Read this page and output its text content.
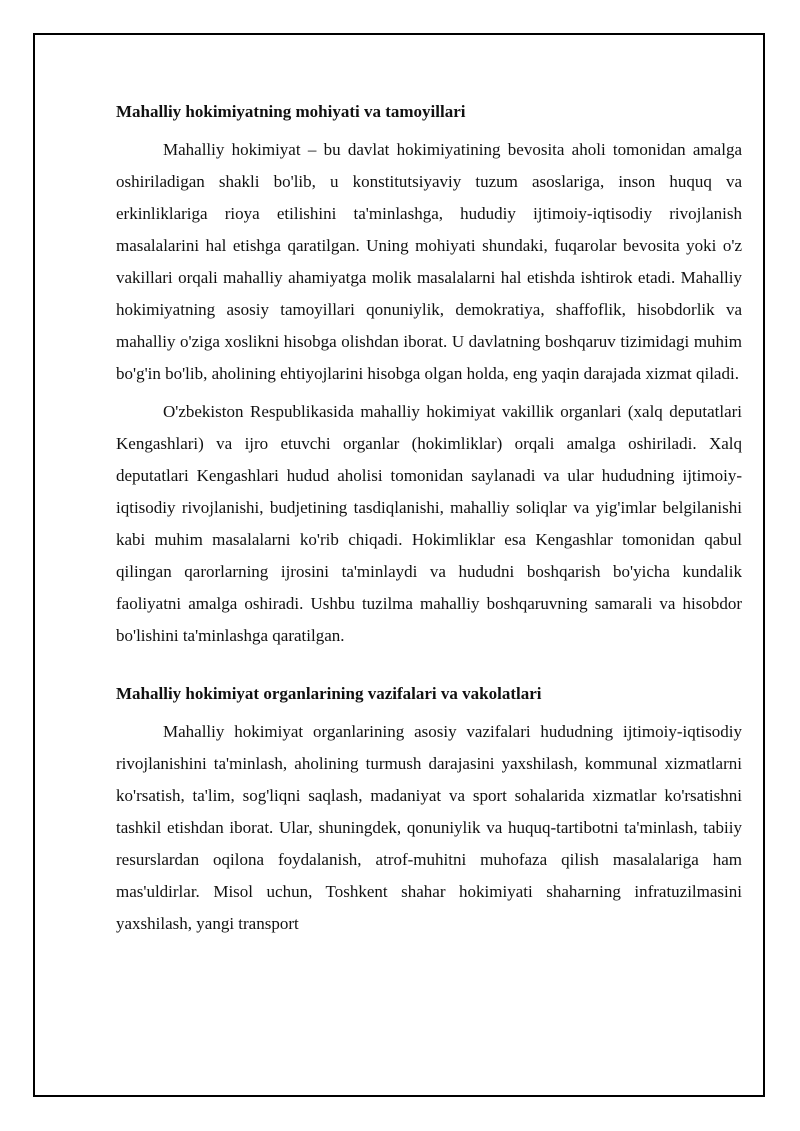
Mahalliy hokimiyatning mohiyati va tamoyillari

Mahalliy hokimiyat – bu davlat hokimiyatining bevosita aholi tomonidan amalga oshiriladigan shakli bo'lib, u konstitutsiyaviy tuzum asoslariga, inson huquq va erkinliklariga rioya etilishini ta'minlashga, hududiy ijtimoiy-iqtisodiy rivojlanish masalalarini hal etishga qaratilgan. Uning mohiyati shundaki, fuqarolar bevosita yoki o'z vakillari orqali mahalliy ahamiyatga molik masalalarni hal etishda ishtirok etadi. Mahalliy hokimiyatning asosiy tamoyillari qonuniylik, demokratiya, shaffoflik, hisobdorlik va mahalliy o'ziga xoslikni hisobga olishdan iborat. U davlatning boshqaruv tizimidagi muhim bo'g'in bo'lib, aholining ehtiyojlarini hisobga olgan holda, eng yaqin darajada xizmat qiladi.

O'zbekiston Respublikasida mahalliy hokimiyat vakillik organlari (xalq deputatlari Kengashlari) va ijro etuvchi organlar (hokimliklar) orqali amalga oshiriladi. Xalq deputatlari Kengashlari hudud aholisi tomonidan saylanadi va ular hududning ijtimoiy-iqtisodiy rivojlanishi, budjetining tasdiqlanishi, mahalliy soliqlar va yig'imlar belgilanishi kabi muhim masalalarni ko'rib chiqadi. Hokimliklar esa Kengashlar tomonidan qabul qilingan qarorlarning ijrosini ta'minlaydi va hududni boshqarish bo'yicha kundalik faoliyatni amalga oshiradi. Ushbu tuzilma mahalliy boshqaruvning samarali va hisobdor bo'lishini ta'minlashga qaratilgan.

Mahalliy hokimiyat organlarining vazifalari va vakolatlari

Mahalliy hokimiyat organlarining asosiy vazifalari hududning ijtimoiy-iqtisodiy rivojlanishini ta'minlash, aholining turmush darajasini yaxshilash, kommunal xizmatlarni ko'rsatish, ta'lim, sog'liqni saqlash, madaniyat va sport sohalarida xizmatlar ko'rsatishni tashkil etishdan iborat. Ular, shuningdek, qonuniylik va huquq-tartibotni ta'minlash, tabiiy resurslardan oqilona foydalanish, atrof-muhitni muhofaza qilish masalalariga ham mas'uldirlar. Misol uchun, Toshkent shahar hokimiyati shaharning infratuzilmasini yaxshilash, yangi transport
